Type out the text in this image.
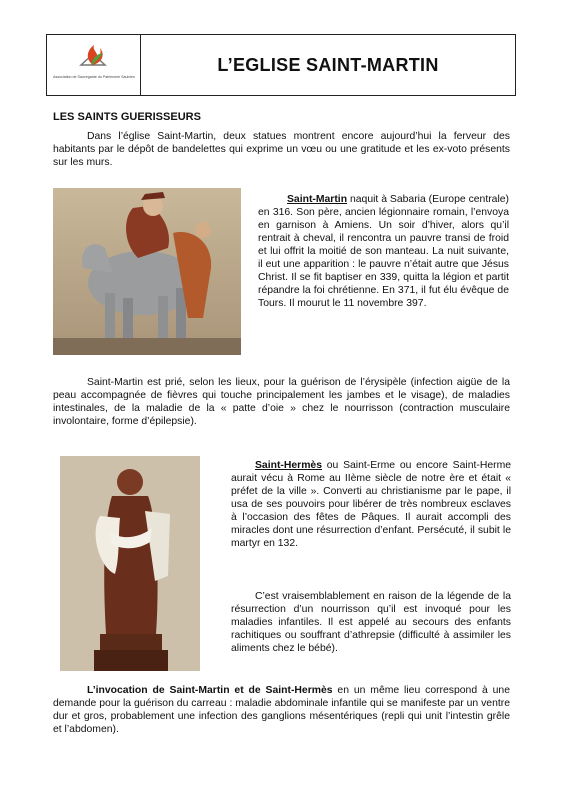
Association de Sauvegarde du Patrimoine Saulxien
L’EGLISE SAINT-MARTIN
LES SAINTS GUERISSEURS

Dans l’église Saint-Martin, deux statues montrent encore aujourd’hui la ferveur des habitants par le dépôt de bandelettes qui exprime un vœu ou une gratitude et les ex-voto présents sur les murs.

Saint-Martin naquit à Sabaria (Europe centrale) en 316. Son père, ancien légionnaire romain, l’envoya en garnison à Amiens. Un soir d’hiver, alors qu’il rentrait à cheval, il rencontra un pauvre transi de froid et lui offrit la moitié de son manteau. La nuit suivante, il eut une apparition : le pauvre n’était autre que Jésus Christ. Il se fit baptiser en 339, quitta la légion et partit répandre la foi chrétienne. En 371, il fut élu évêque de Tours. Il mourut le 11 novembre 397.

Saint-Martin est prié, selon les lieux, pour la guérison de l’érysipèle (infection aigüe de la peau accompagnée de fièvres qui touche principalement les jambes et le visage), de maladies intestinales, de la maladie de la « patte d’oie » chez le nourrisson (contraction musculaire involontaire, forme d’épilepsie).

Saint-Hermès ou Saint-Erme ou encore Saint-Herme aurait vécu à Rome au IIème siècle de notre ère et était « préfet de la ville ». Converti au christianisme par le pape, il usa de ses pouvoirs pour libérer de très nombreux esclaves à l’occasion des fêtes de Pâques. Il aurait accompli des miracles dont une résurrection d’enfant. Persécuté, il subit le martyr en 132.

C’est vraisemblablement en raison de la légende de la résurrection d’un nourrisson qu’il est invoqué pour les maladies infantiles. Il est appelé au secours des enfants rachitiques ou souffrant d’athrepsie (difficulté à assimiler les aliments chez le bébé).

L’invocation de Saint-Martin et de Saint-Hermès en un même lieu correspond à une demande pour la guérison du carreau : maladie abdominale infantile qui se manifeste par un ventre dur et gros, probablement une infection des ganglions mésentériques (repli qui unit l’intestin grêle et l’abdomen).
